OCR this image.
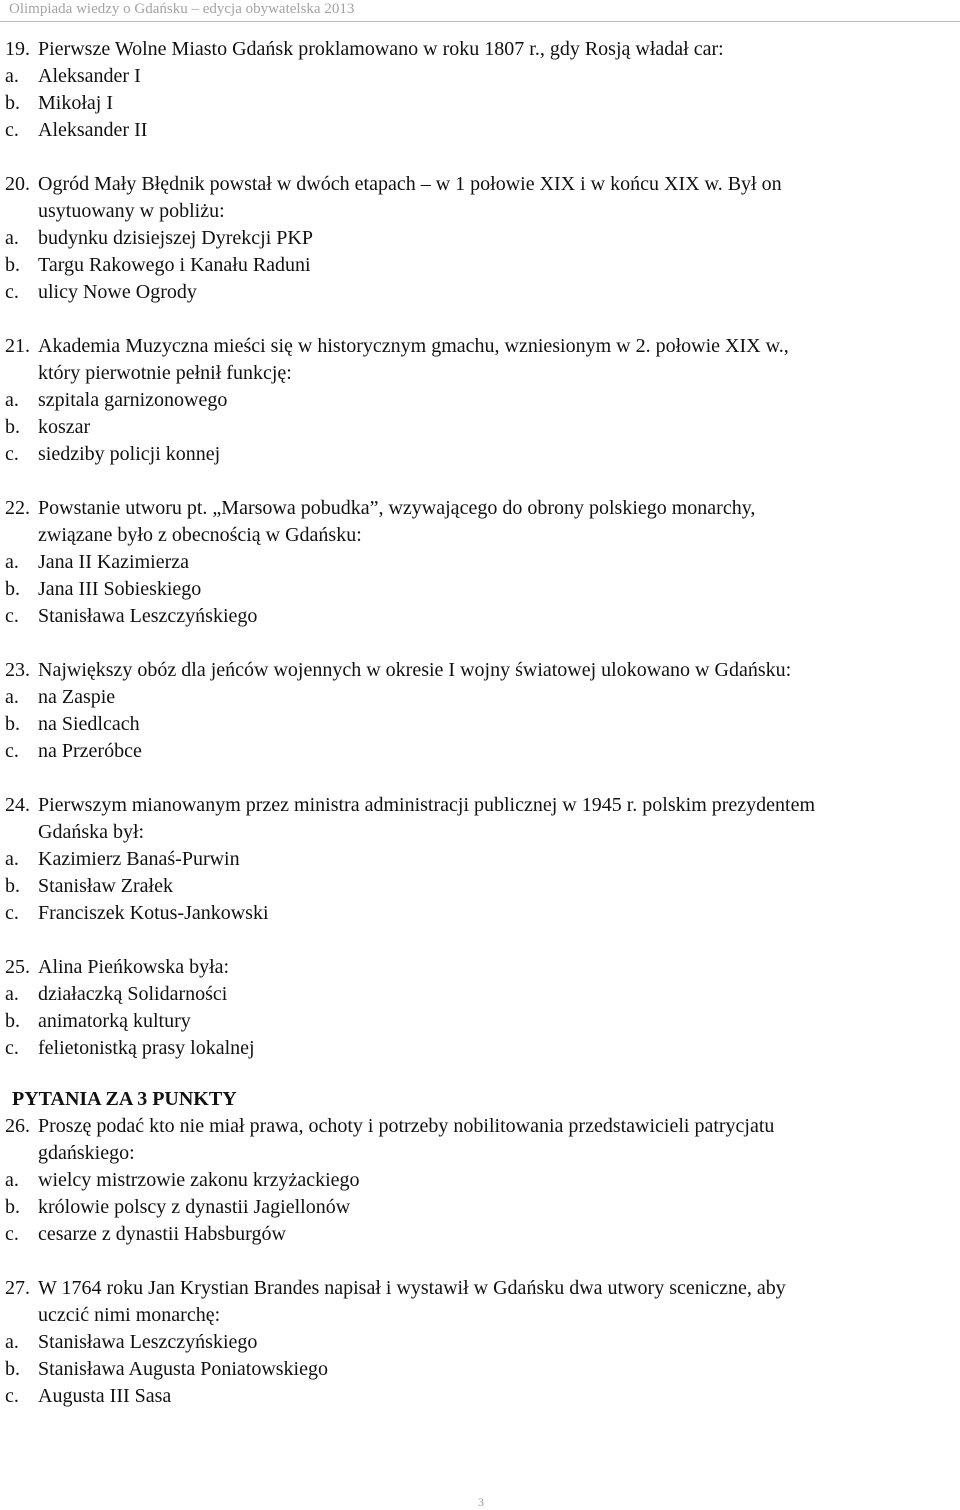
Olimpiada wiedzy o Gdańsku – edycja obywatelska 2013
19. Pierwsze Wolne Miasto Gdańsk proklamowano w roku 1807 r., gdy Rosją władał car:
a. Aleksander I
b. Mikołaj I
c. Aleksander II
20. Ogród Mały Błędnik powstał w dwóch etapach – w 1 połowie XIX i w końcu XIX w. Był on
usytuowany w pobliżu:
a. budynku dzisiejszej Dyrekcji PKP
b. Targu Rakowego i Kanału Raduni
c. ulicy Nowe Ogrody
21. Akademia Muzyczna mieści się w historycznym gmachu, wzniesionym w 2. połowie XIX w.,
który pierwotnie pełnił funkcję:
a. szpitala garnizonowego
b. koszar
c. siedziby policji konnej
22. Powstanie utworu pt. „Marsowa pobudka”, wzywającego do obrony polskiego monarchy,
związane było z obecnością w Gdańsku:
a. Jana II Kazimierza
b. Jana III Sobieskiego
c. Stanisława Leszczyńskiego
23. Największy obóz dla jeńców wojennych w okresie I wojny światowej ulokowano w Gdańsku:
a. na Zaspie
b. na Siedlcach
c. na Przeróbce
24. Pierwszym mianowanym przez ministra administracji publicznej w 1945 r. polskim prezydentem
Gdańska był:
a. Kazimierz Banaś-Purwin
b. Stanisław Zrałek
c. Franciszek Kotus-Jankowski
25. Alina Pieńkowska była:
a. działaczką Solidarności
b. animatorką kultury
c. felietonistką prasy lokalnej
PYTANIA ZA 3 PUNKTY
26. Proszę podać kto nie miał prawa, ochoty i potrzeby nobilitowania przedstawicieli patrycjatu
gdańskiego:
a. wielcy mistrzowie zakonu krzyżackiego
b. królowie polscy z dynastii Jagiellonów
c. cesarze z dynastii Habsburgów
27. W 1764 roku Jan Krystian Brandes napisał i wystawił w Gdańsku dwa utwory sceniczne, aby
uczcić nimi monarchę:
a. Stanisława Leszczyńskiego
b. Stanisława Augusta Poniatowskiego
c. Augusta III Sasa
3
